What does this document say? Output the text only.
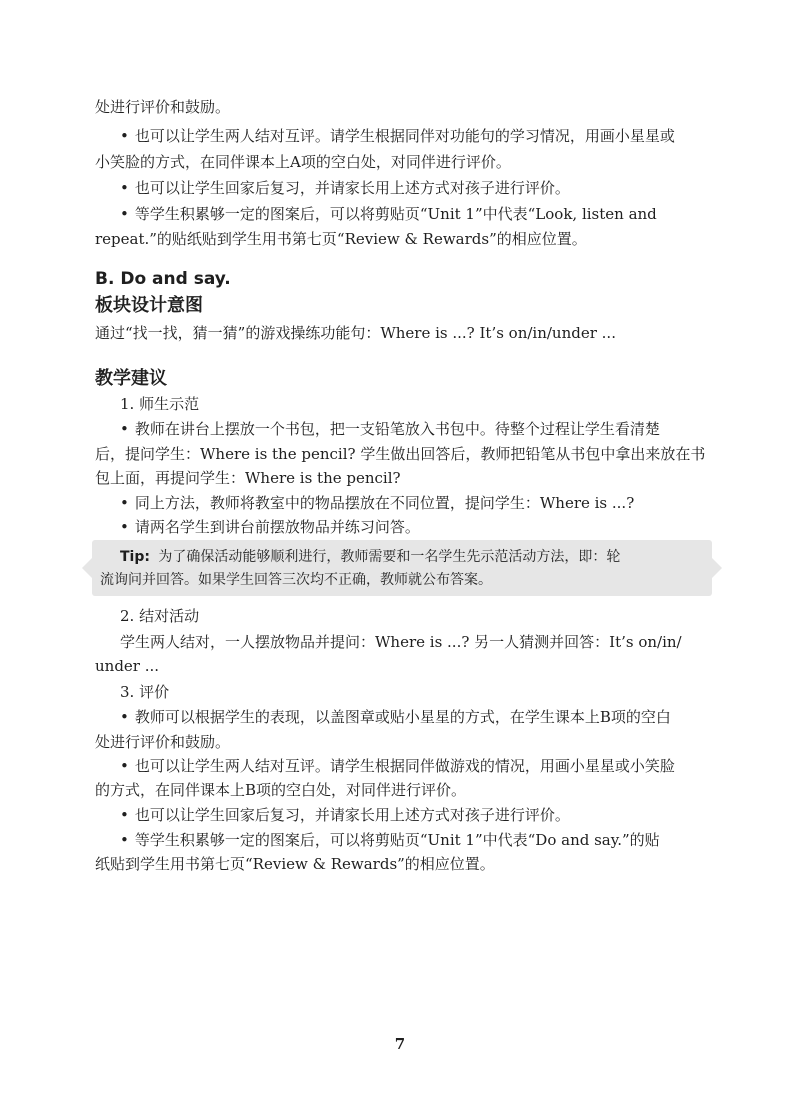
处进行评价和鼓励。
• 也可以让学生两人结对互评。请学生根据同伴对功能句的学习情况，用画小星星或
小笑脸的方式，在同伴课本上A项的空白处，对同伴进行评价。
• 也可以让学生回家后复习，并请家长用上述方式对孩子进行评价。
• 等学生积累够一定的图案后，可以将剪贴页“Unit 1”中代表“Look, listen and
repeat.”的贴纸贴到学生用书第七页“Review & Rewards”的相应位置。
B. Do and say.
板块设计意图
通过“找一找，猜一猜”的游戏操练功能句：Where is ...? It’s on/in/under ...
教学建议
1. 师生示范
• 教师在讲台上摆放一个书包，把一支铅笔放入书包中。待整个过程让学生看清楚
后，提问学生：Where is the pencil? 学生做出回答后，教师把铅笔从书包中拿出来放在书
包上面，再提问学生：Where is the pencil?
• 同上方法，教师将教室中的物品摆放在不同位置，提问学生：Where is ...?
• 请两名学生到讲台前摆放物品并练习问答。
Tip: 为了确保活动能够顺利进行，教师需要和一名学生先示范活动方法，即：轮
流询问并回答。如果学生回答三次均不正确，教师就公布答案。
2. 结对活动
学生两人结对，一人摆放物品并提问：Where is ...? 另一人猜测并回答：It’s on/in/
under ...
3. 评价
• 教师可以根据学生的表现，以盖图章或贴小星星的方式，在学生课本上B项的空白
处进行评价和鼓励。
• 也可以让学生两人结对互评。请学生根据同伴做游戏的情况，用画小星星或小笑脸
的方式，在同伴课本上B项的空白处，对同伴进行评价。
• 也可以让学生回家后复习，并请家长用上述方式对孩子进行评价。
• 等学生积累够一定的图案后，可以将剪贴页“Unit 1”中代表“Do and say.”的贴
纸贴到学生用书第七页“Review & Rewards”的相应位置。
7
